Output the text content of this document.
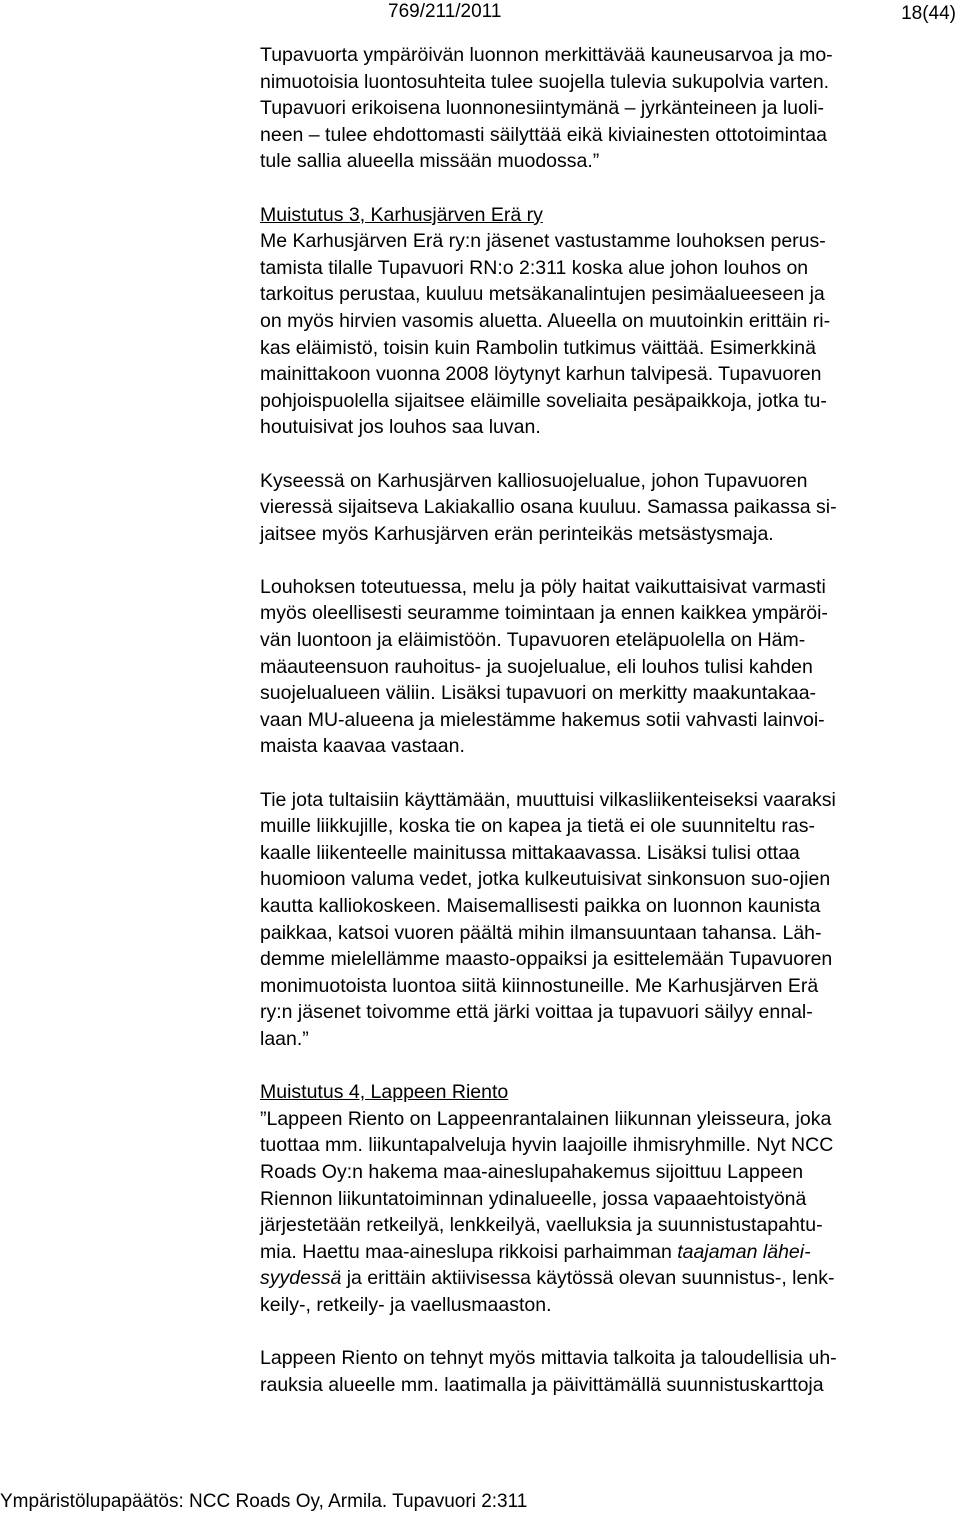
769/211/2011	18(44)

Tupavuorta ympäröivän luonnon merkittävää kauneusarvoa ja mo-

nimuotoisia luontosuhteita tulee suojella tulevia sukupolvia varten.

Tupavuori erikoisena luonnonesiintymänä – jyrkänteineen ja luoli-

neen – tulee ehdottomasti säilyttää eikä kiviainesten ottotoimintaa

tule sallia alueella missään muodossa.”

Muistutus 3, Karhusjärven Erä ry

Me Karhusjärven Erä ry:n jäsenet vastustamme louhoksen perus-

tamista tilalle Tupavuori RN:o 2:311 koska alue johon louhos on

tarkoitus perustaa, kuuluu metsäkanalintujen pesimäalueeseen ja

on myös hirvien vasomis aluetta. Alueella on muutoinkin erittäin ri-

kas eläimistö, toisin kuin Rambolin tutkimus väittää. Esimerkkinä

mainittakoon vuonna 2008 löytynyt karhun talvipesä. Tupavuoren

pohjoispuolella sijaitsee eläimille soveliaita pesäpaikkoja, jotka tu-

houtuisivat jos louhos saa luvan.

Kyseessä on Karhusjärven kalliosuojelualue, johon Tupavuoren

vieressä sijaitseva Lakiakallio osana kuuluu. Samassa paikassa si-

jaitsee myös Karhusjärven erän perinteikäs metsästysmaja.

Louhoksen toteutuessa, melu ja pöly haitat vaikuttaisivat varmasti

myös oleellisesti seuramme toimintaan ja ennen kaikkea ympäröi-

vän luontoon ja eläimistöön. Tupavuoren eteläpuolella on Häm-

mäauteensuon rauhoitus- ja suojelualue, eli louhos tulisi kahden

suojelualueen väliin. Lisäksi tupavuori on merkitty maakuntakaa-

vaan MU-alueena ja mielestämme hakemus sotii vahvasti lainvoi-

maista kaavaa vastaan.

Tie jota tultaisiin käyttämään, muuttuisi vilkasliikenteiseksi vaaraksi

muille liikkujille, koska tie on kapea ja tietä ei ole suunniteltu ras-

kaalle liikenteelle mainitussa mittakaavassa. Lisäksi tulisi ottaa

huomioon valuma vedet, jotka kulkeutuisivat sinkonsuon suo-ojien

kautta kalliokoskeen. Maisemallisesti paikka on luonnon kaunista

paikkaa, katsoi vuoren päältä mihin ilmansuuntaan tahansa. Läh-

demme mielellämme maasto-oppaiksi ja esittelemään Tupavuoren

monimuotoista luontoa siitä kiinnostuneille. Me Karhusjärven Erä

ry:n jäsenet toivomme että järki voittaa ja tupavuori säilyy ennal-

laan.”

Muistutus 4, Lappeen Riento

”Lappeen Riento on Lappeenrantalainen liikunnan yleisseura, joka

tuottaa mm. liikuntapalveluja hyvin laajoille ihmisryhmille. Nyt NCC

Roads Oy:n hakema maa-aineslupahakemus sijoittuu Lappeen

Riennon liikuntatoiminnan ydinalueelle, jossa vapaaehtoistyönä

järjestetään retkeilyä, lenkkeilyä, vaelluksia ja suunnistustapahtu-

mia. Haettu maa-aineslupa rikkoisi parhaimman taajaman lähei-

syydessä ja erittäin aktiivisessa käytössä olevan suunnistus-, lenk-

keily-, retkeily- ja vaellusmaaston.

Lappeen Riento on tehnyt myös mittavia talkoita ja taloudellisia uh-

rauksia alueelle mm. laatimalla ja päivittämällä suunnistuskarttoja

Ympäristölupapäätös: NCC Roads Oy, Armila. Tupavuori 2:311
